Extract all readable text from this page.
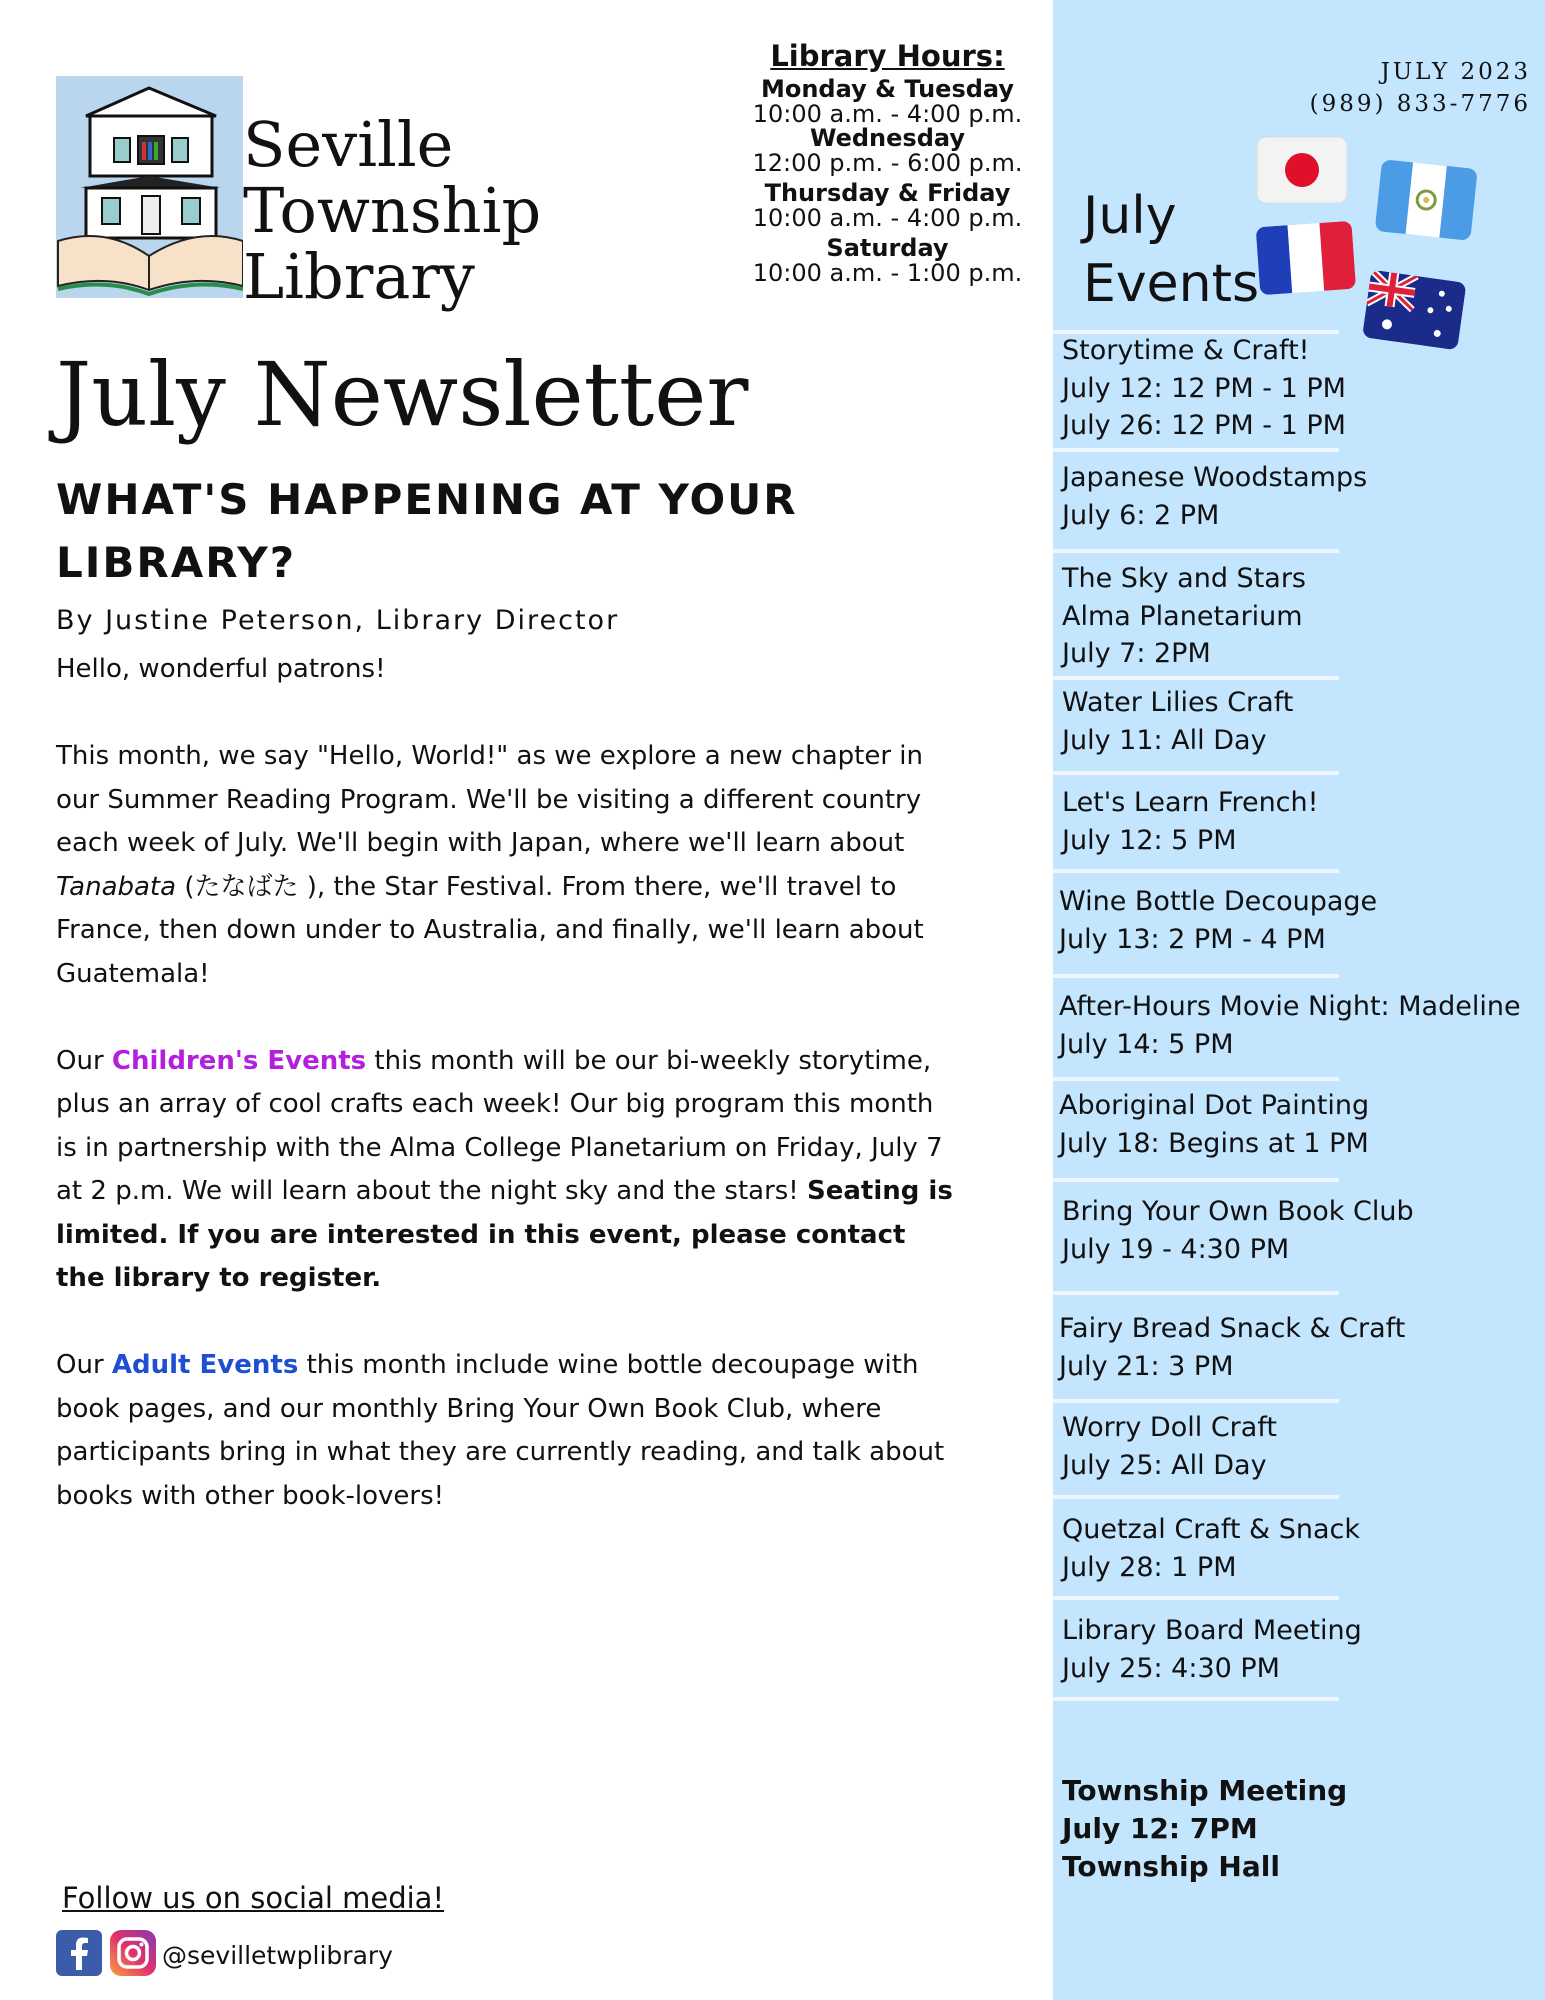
Seville
Township
Library
Library Hours:
Monday & Tuesday
10:00 a.m. - 4:00 p.m.
Wednesday
12:00 p.m. - 6:00 p.m.
Thursday & Friday
10:00 a.m. - 4:00 p.m.
Saturday
10:00 a.m. - 1:00 p.m.
July Newsletter
WHAT'S HAPPENING AT YOUR LIBRARY?
By Justine Peterson, Library Director

Hello, wonderful patrons!

This month, we say "Hello, World!" as we explore a new chapter in our Summer Reading Program. We'll be visiting a different country each week of July. We'll begin with Japan, where we'll learn about Tanabata (たなばた ), the Star Festival. From there, we'll travel to France, then down under to Australia, and finally, we'll learn about Guatemala!

Our Children's Events this month will be our bi-weekly storytime, plus an array of cool crafts each week! Our big program this month is in partnership with the Alma College Planetarium on Friday, July 7 at 2 p.m. We will learn about the night sky and the stars! Seating is limited. If you are interested in this event, please contact the library to register.

Our Adult Events this month include wine bottle decoupage with book pages, and our monthly Bring Your Own Book Club, where participants bring in what they are currently reading, and talk about books with other book-lovers!

Follow us on social media!
@sevilletwplibrary
JULY 2023
(989) 833-7776
July
Events
Storytime & Craft!
July 12: 12 PM - 1 PM
July 26: 12 PM - 1 PM
Japanese Woodstamps
July 6: 2 PM
The Sky and Stars
Alma Planetarium
July 7: 2PM
Water Lilies Craft
July 11: All Day
Let's Learn French!
July 12: 5 PM
Wine Bottle Decoupage
July 13: 2 PM - 4 PM
After-Hours Movie Night: Madeline
July 14: 5 PM
Aboriginal Dot Painting
July 18: Begins at 1 PM
Bring Your Own Book Club
July 19 - 4:30 PM
Fairy Bread Snack & Craft
July 21: 3 PM
Worry Doll Craft
July 25: All Day
Quetzal Craft & Snack
July 28: 1 PM
Library Board Meeting
July 25: 4:30 PM
Township Meeting
July 12: 7PM
Township Hall
